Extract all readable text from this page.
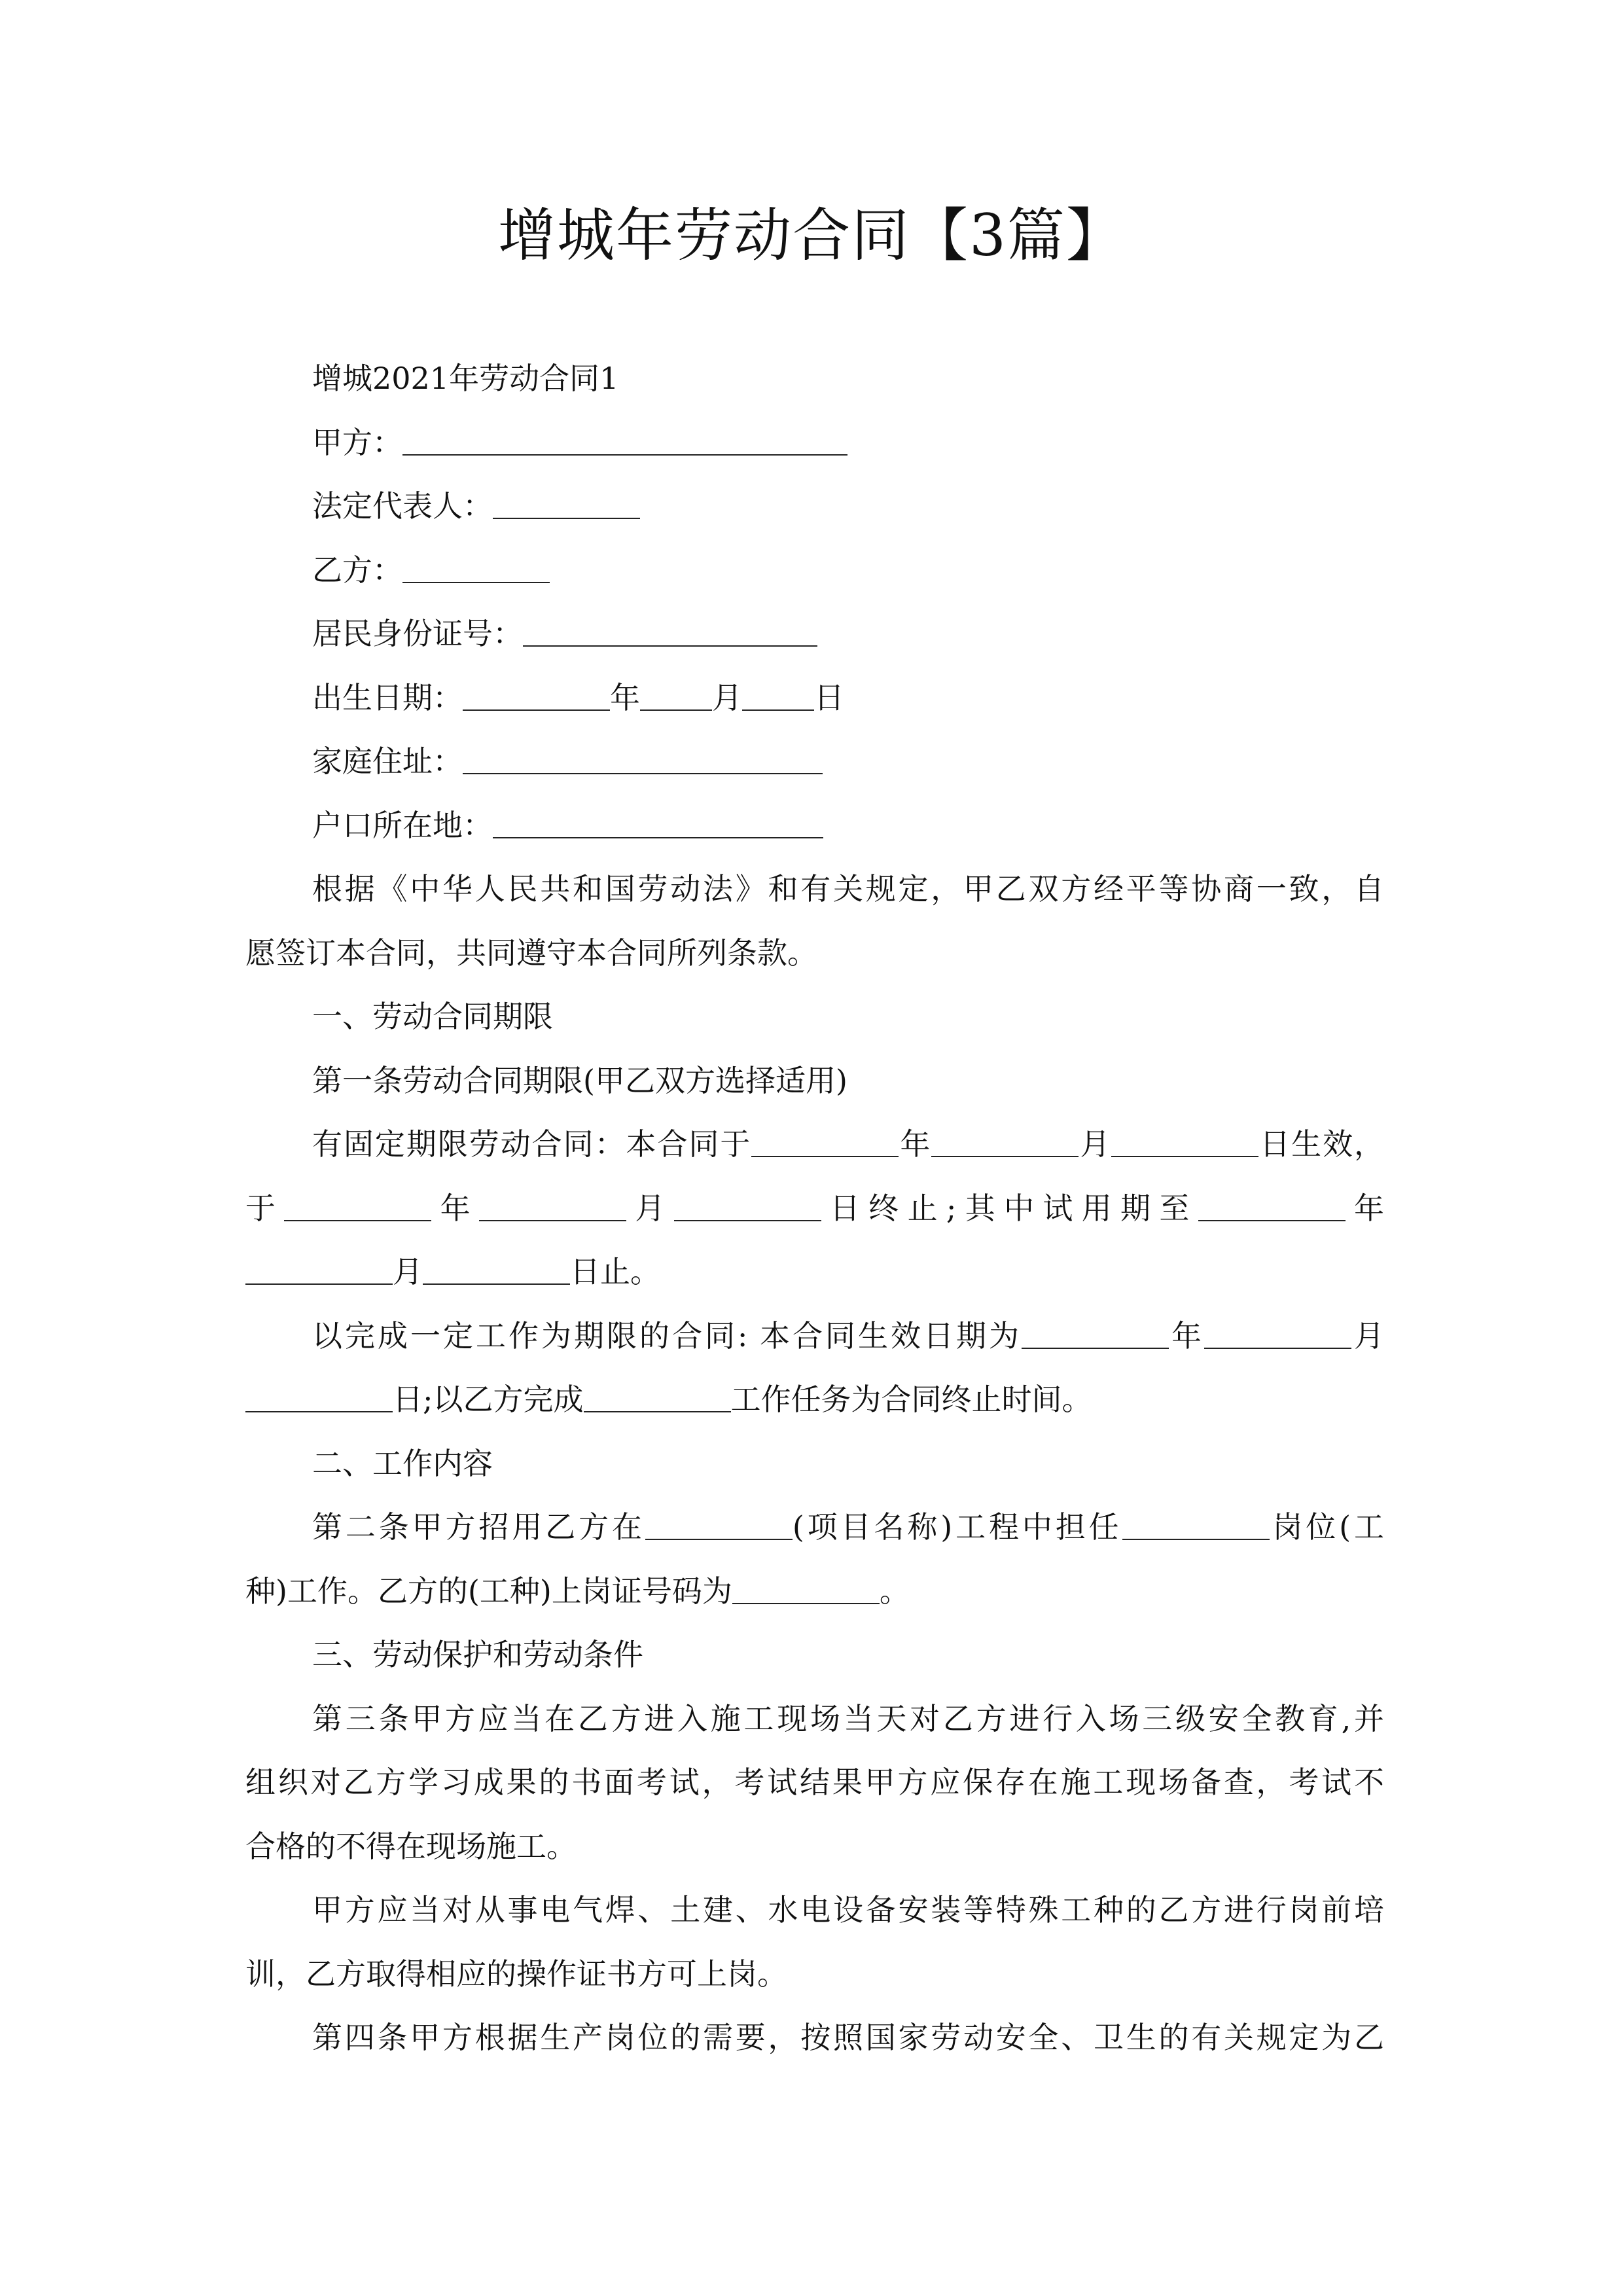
增城年劳动合同【3篇】
增城2021年劳动合同1
甲方：
法定代表人：
乙方：
居民身份证号：
出生日期：	年 月 日
家庭住址：
户口所在地：
根据《中华人民共和国劳动法》和有关规定，甲乙双方经平等协商一致，自
愿签订本合同，共同遵守本合同所列条款。
一、劳动合同期限
第一条劳动合同期限(甲乙双方选择适用)
有固定期限劳动合同：本合同于	年	月	日生效，
于	年	月	日终止;其中试用期至	年
月	日止。
以完成一定工作为期限的合同: 本合同生效日期为	年	月
日;以乙方完成	工作任务为合同终止时间。
二、工作内容
第二条甲方招用乙方在	(项目名称)工程中担任	岗位(工
种)工作。乙方的(工种)上岗证号码为	。
三、劳动保护和劳动条件
第三条甲方应当在乙方进入施工现场当天对乙方进行入场三级安全教育,并
组织对乙方学习成果的书面考试，考试结果甲方应保存在施工现场备查，考试不
合格的不得在现场施工。
甲方应当对从事电气焊、土建、水电设备安装等特殊工种的乙方进行岗前培
训，乙方取得相应的操作证书方可上岗。
第四条甲方根据生产岗位的需要，按照国家劳动安全、卫生的有关规定为乙
